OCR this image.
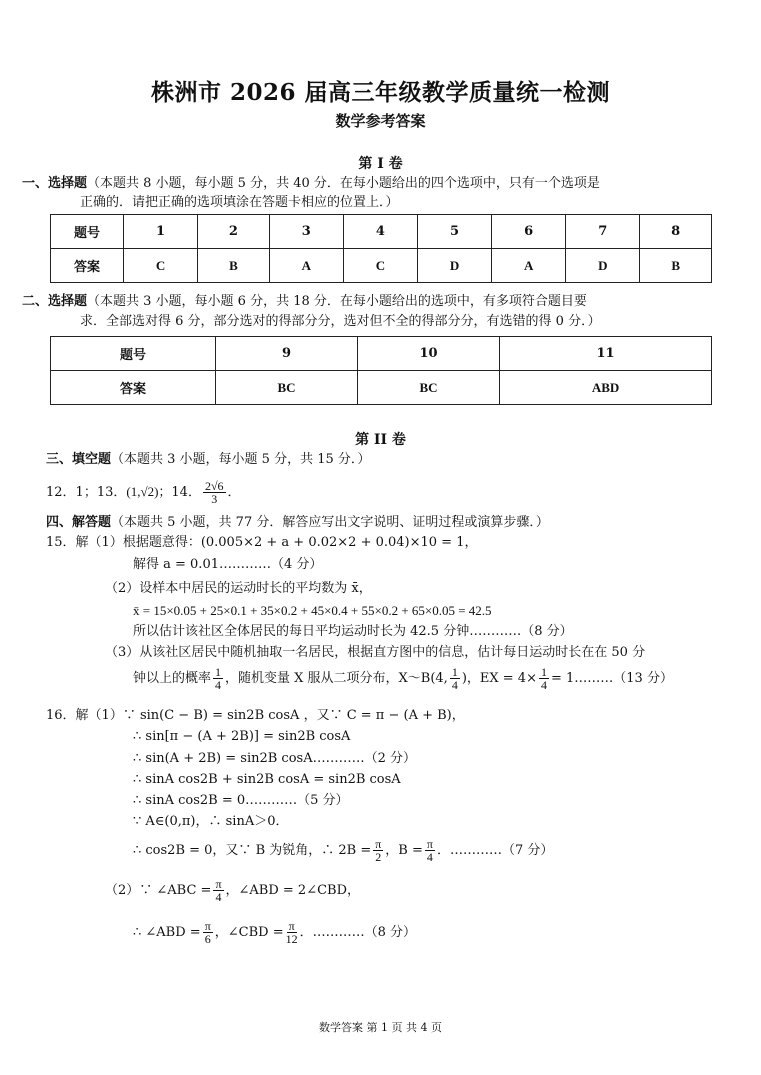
株洲市 2026 届高三年级教学质量统一检测
数学参考答案
第 I 卷
一、选择题（本题共 8 小题，每小题 5 分，共 40 分．在每小题给出的四个选项中，只有一个选项是
正确的．请把正确的选项填涂在答题卡相应的位置上．）
题号	1	2	3	4	5	6	7	8
答案	C	B	A	C	D	A	D	B
二、选择题（本题共 3 小题，每小题 6 分，共 18 分．在每小题给出的选项中，有多项符合题目要
求．全部选对得 6 分，部分选对的得部分分，选对但不全的得部分分，有选错的得 0 分．）
题号	9	10	11
答案	BC	BC	ABD
第 II 卷
三、填空题（本题共 3 小题，每小题 5 分，共 15 分．）
12．1；13．(1,√2)；14． $\frac{2√6}{3}$ ．
四、解答题（本题共 5 小题，共 77 分．解答应写出文字说明、证明过程或演算步骤．）
15．解（1）根据题意得：(0.005×2 + a + 0.02×2 + 0.04)×10 = 1，
解得 a = 0.01…………（4 分）
（2）设样本中居民的运动时长的平均数为 x̄，
x̄ = 15×0.05 + 25×0.1 + 35×0.2 + 45×0.4 + 55×0.2 + 65×0.05 = 42.5
所以估计该社区全体居民的每日平均运动时长为 42.5 分钟…………（8 分）
（3）从该社区居民中随机抽取一名居民，根据直方图中的信息，估计每日运动时长在在 50 分
钟以上的概率 $\frac{1}{4}$ ，随机变量 X 服从二项分布，X～B(4, $\frac{1}{4}$ )，EX = $4\times \frac{1}{4}$ = 1………（13 分）
16．解（1）∵ sin(C − B) = sin2B cosA ，又∵ C = π − (A + B)，
∴ sin[π − (A + 2B)] = sin2B cosA
∴ sin(A + 2B) = sin2B cosA…………（2 分）
∴ sinA cos2B + sin2B cosA = sin2B cosA
∴ sinA cos2B = 0…………（5 分）
∵ A∈(0,π)，∴ sinA＞0．
∴ cos2B = 0，又∵ B 为锐角，∴ $2B = \frac{\pi}{2}$ ，$B = \frac{\pi}{4}$ ．…………（7 分）
（2）∵ ∠ABC = $\frac{\pi}{4}$ ，∠ABD = 2∠CBD，
∴ ∠ABD = $\frac{\pi}{6}$ ，∠CBD = $\frac{\pi}{12}$ ．…………（8 分）
数学答案 第 1 页 共 4 页
